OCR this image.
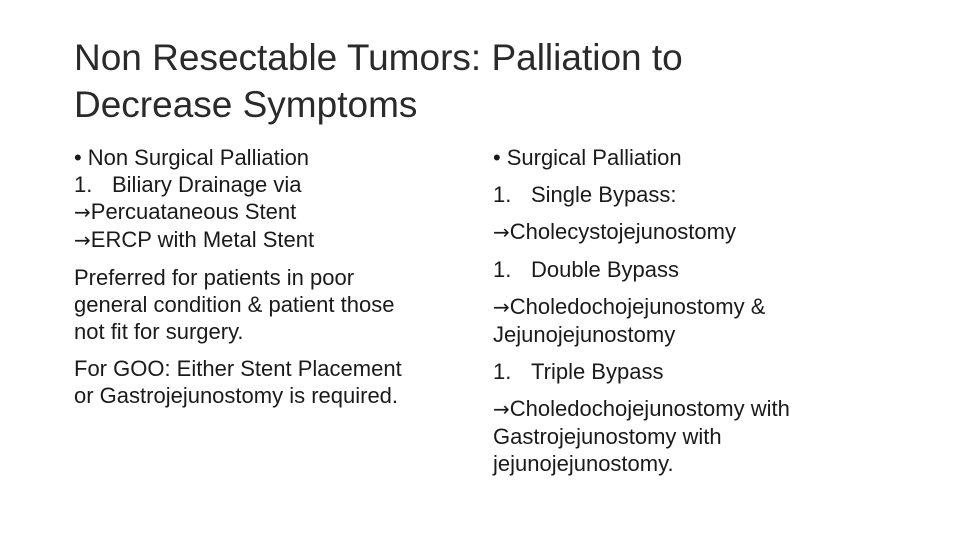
Non Resectable Tumors: Palliation to
Decrease Symptoms
• Non Surgical Palliation
1. Biliary Drainage via
→Percuataneous Stent
→ERCP with Metal Stent
Preferred for patients in poor
general condition & patient those
not fit for surgery.
For GOO: Either Stent Placement
or Gastrojejunostomy is required.
• Surgical Palliation
1. Single Bypass:
→Cholecystojejunostomy
1. Double Bypass
→Choledochojejunostomy &
Jejunojejunostomy
1. Triple Bypass
→Choledochojejunostomy with
Gastrojejunostomy with
jejunojejunostomy.
